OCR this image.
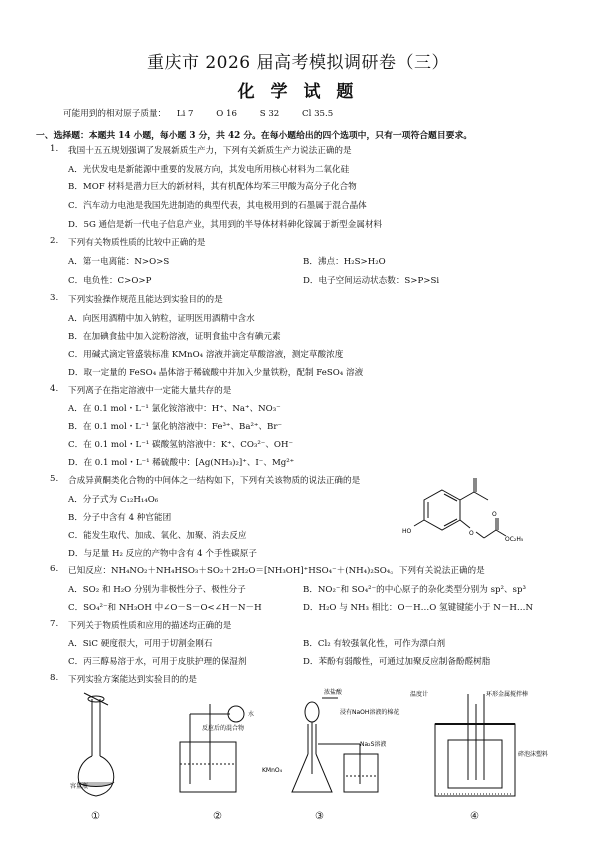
重庆市 2026 届高考模拟调研卷（三）
化 学 试 题
可能用到的相对原子质量： Li 7	O 16	S 32	Cl 35.5
一、选择题：本题共 14 小题，每小题 3 分，共 42 分。在每小题给出的四个选项中，只有一项符合题目要求。
1. 我国十五五规划强调了发展新质生产力，下列有关新质生产力说法正确的是
A．光伏发电是新能源中重要的发展方向，其发电所用核心材料为二氧化硅
B．MOF 材料是潜力巨大的新材料，其有机配体均苯三甲酸为高分子化合物
C．汽车动力电池是我国先进制造的典型代表，其电极用到的石墨属于混合晶体
D．5G 通信是新一代电子信息产业，其用到的半导体材料砷化镓属于新型金属材料
2. 下列有关物质性质的比较中正确的是
A．第一电离能：N>O>S	B．沸点：H₂S>H₂O
C．电负性：C>O>P	D．电子空间运动状态数：S>P>Si
3. 下列实验操作规范且能达到实验目的的是
A．向医用酒精中加入钠粒，证明医用酒精中含水
B．在加碘食盐中加入淀粉溶液，证明食盐中含有碘元素
C．用碱式滴定管盛装标准 KMnO₄ 溶液并滴定草酸溶液，测定草酸浓度
D．取一定量的 FeSO₄ 晶体溶于稀硫酸中并加入少量铁粉，配制 FeSO₄ 溶液
4. 下列离子在指定溶液中一定能大量共存的是
A．在 0.1 mol・L⁻¹ 氯化铵溶液中：H⁺、Na⁺、NO₃⁻
B．在 0.1 mol・L⁻¹ 氯化钠溶液中：Fe³⁺、Ba²⁺、Br⁻
C．在 0.1 mol・L⁻¹ 碳酸氢钠溶液中：K⁺、CO₃²⁻、OH⁻
D．在 0.1 mol・L⁻¹ 稀硫酸中：[Ag(NH₃)₂]⁺、I⁻、Mg²⁺
5. 合成异黄酮类化合物的中间体之一结构如下，下列有关该物质的说法正确的是
A．分子式为 C₁₂H₁₄O₆
B．分子中含有 4 种官能团
C．能发生取代、加成、氧化、加聚、消去反应
D．与足量 H₂ 反应的产物中含有 4 个手性碳原子
HO	O
O
OC₂H₅
6. 已知反应：NH₄NO₂＋NH₄HSO₃＋SO₂＋2H₂O＝[NH₃OH]⁺HSO₄⁻＋(NH₄)₂SO₄。下列有关说法正确的是
A．SO₂ 和 H₂O 分别为非极性分子、极性分子	B．NO₂⁻和 SO₄²⁻的中心原子的杂化类型分别为 sp²、sp³
C．SO₄²⁻和 NH₃OH 中∠O－S－O<∠H－N－H	D．H₂O 与 NH₃ 相比：O－H…O 氢键键能小于 N－H…N
7. 下列关于物质性质和应用的描述均正确的是
A．SiC 硬度很大，可用于切割金刚石	B．Cl₂ 有较强氧化性，可作为漂白剂
C．丙三醇易溶于水，可用于皮肤护理的保湿剂	D．苯酚有弱酸性，可通过加聚反应制备酚醛树脂
8. 下列实验方案能达到实验目的的是
容量瓶
水
反应后的混合物
浓盐酸
KMnO₄
浸有NaOH溶液的棉花
Na₂S溶液
温度计	环形金属搅拌棒
碎泡沫塑料
①	②	③	④
